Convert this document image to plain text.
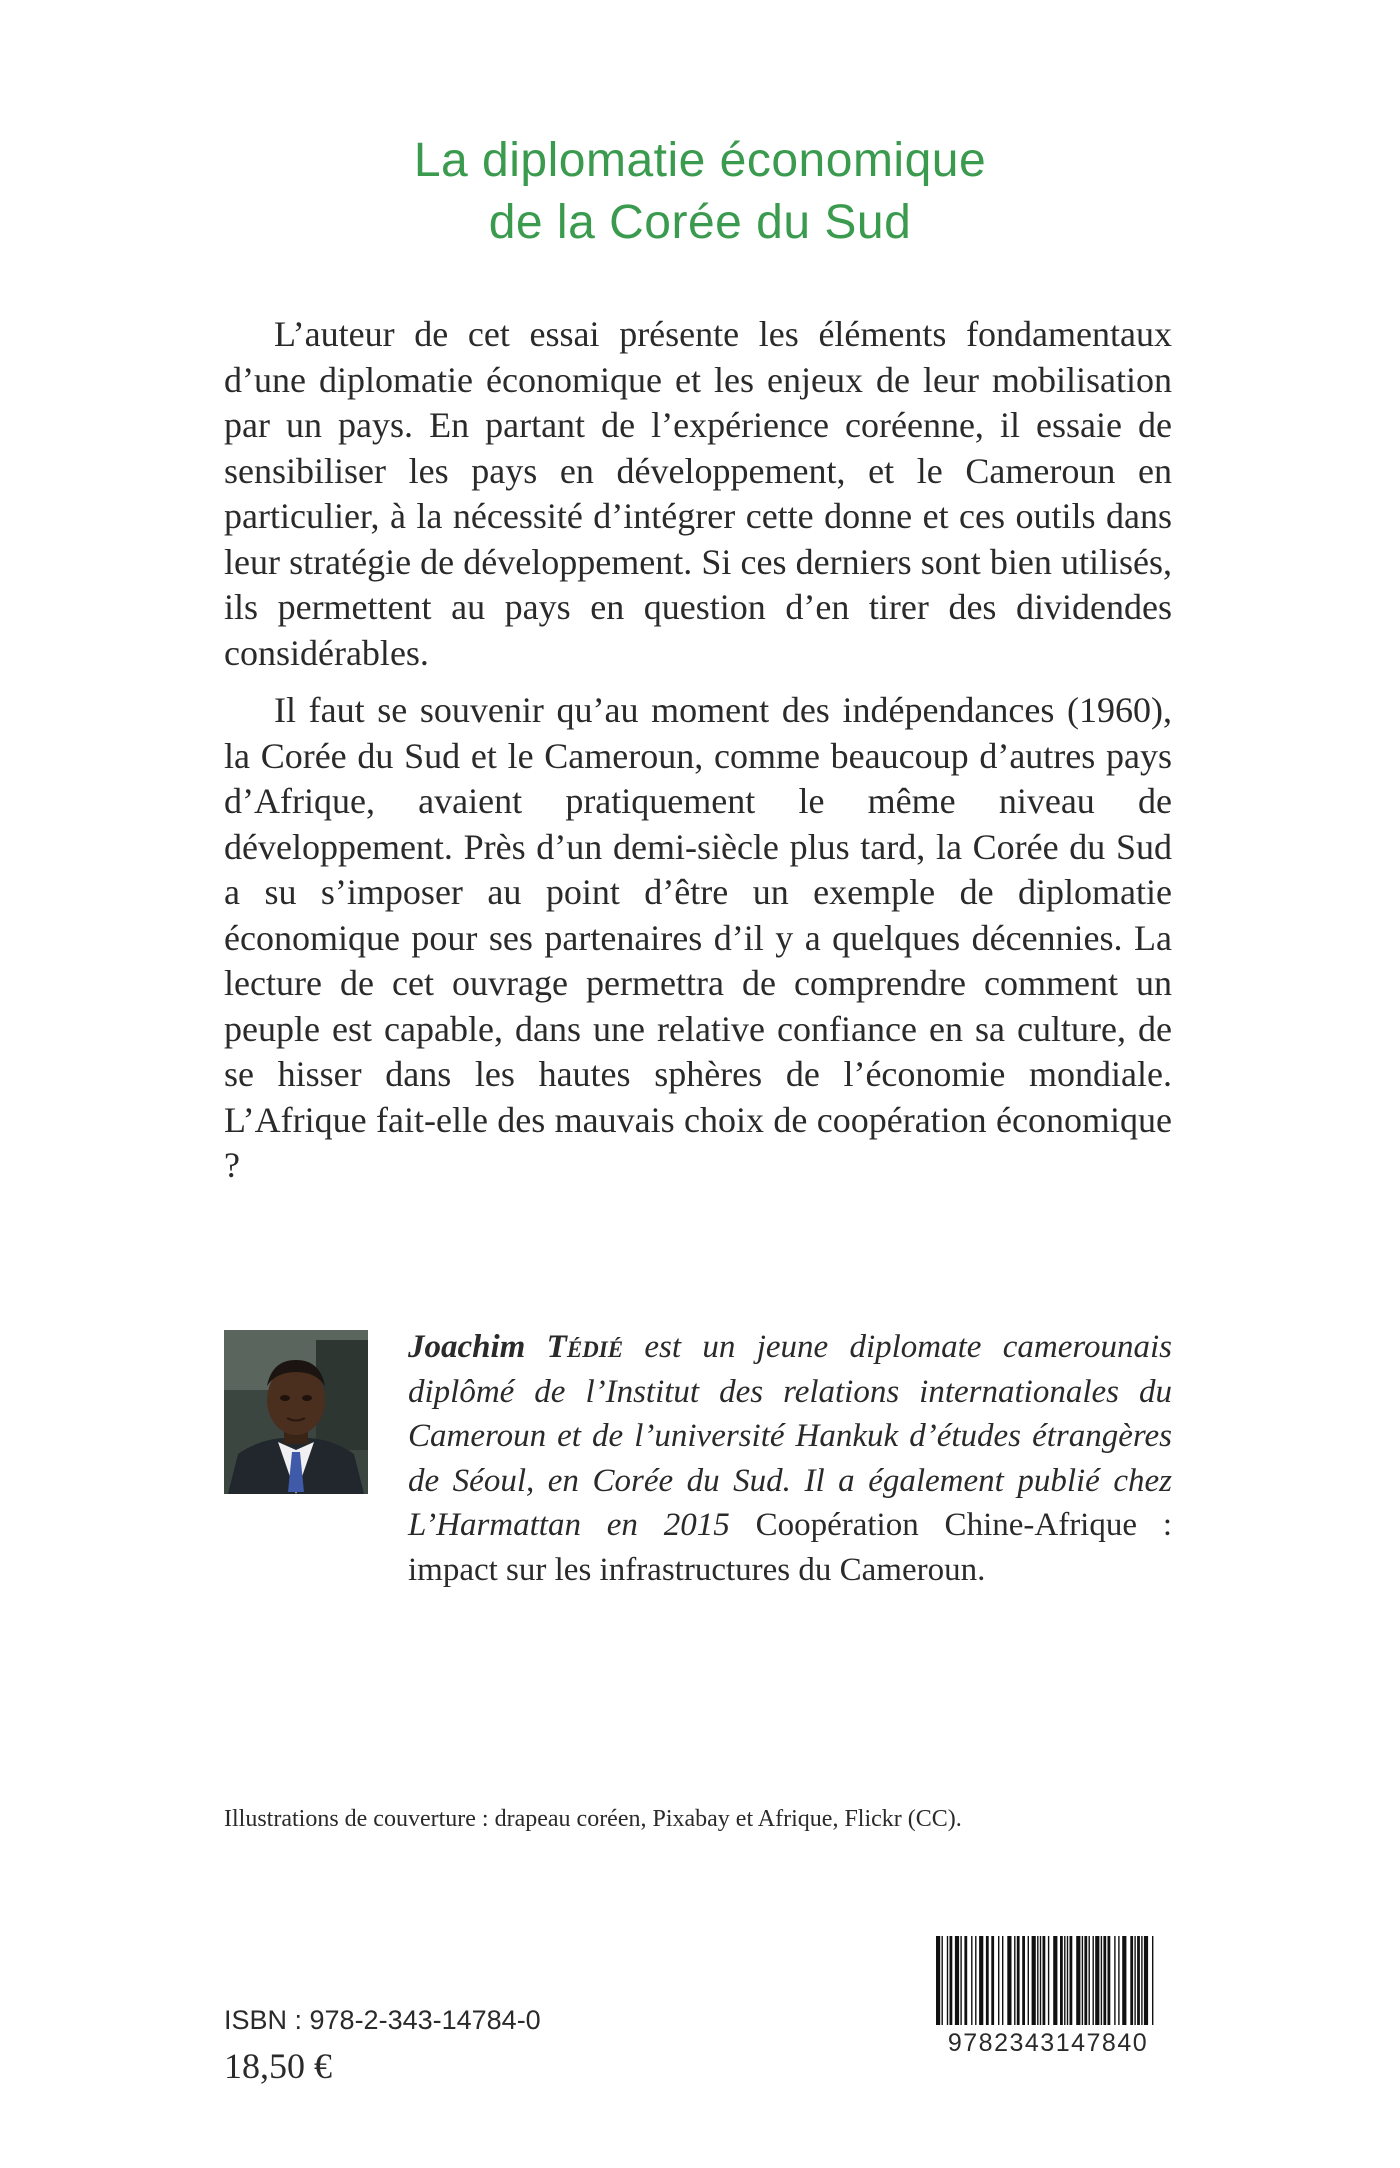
La diplomatie économique
de la Corée du Sud

L’auteur de cet essai présente les éléments fondamentaux d’une diplomatie économique et les enjeux de leur mobilisation par un pays. En partant de l’expérience coréenne, il essaie de sensibiliser les pays en développement, et le Cameroun en particulier, à la nécessité d’intégrer cette donne et ces outils dans leur stratégie de développement. Si ces derniers sont bien utilisés, ils permettent au pays en question d’en tirer des dividendes considérables.

Il faut se souvenir qu’au moment des indépendances (1960), la Corée du Sud et le Cameroun, comme beaucoup d’autres pays d’Afrique, avaient pratiquement le même niveau de développement. Près d’un demi-siècle plus tard, la Corée du Sud a su s’imposer au point d’être un exemple de diplomatie économique pour ses partenaires d’il y a quelques décennies. La lecture de cet ouvrage permettra de comprendre comment un peuple est capable, dans une relative confiance en sa culture, de se hisser dans les hautes sphères de l’économie mondiale. L’Afrique fait-elle des mauvais choix de coopération économique ?

Joachim Tédié est un jeune diplomate camerounais diplômé de l’Institut des relations internationales du Cameroun et de l’université Hankuk d’études étrangères de Séoul, en Corée du Sud. Il a également publié chez L’Harmattan en 2015 Coopération Chine-Afrique : impact sur les infrastructures du Cameroun.
Illustrations de couverture : drapeau coréen, Pixabay et Afrique, Flickr (CC).
ISBN : 978-2-343-14784-0
18,50 €
9782343147840
